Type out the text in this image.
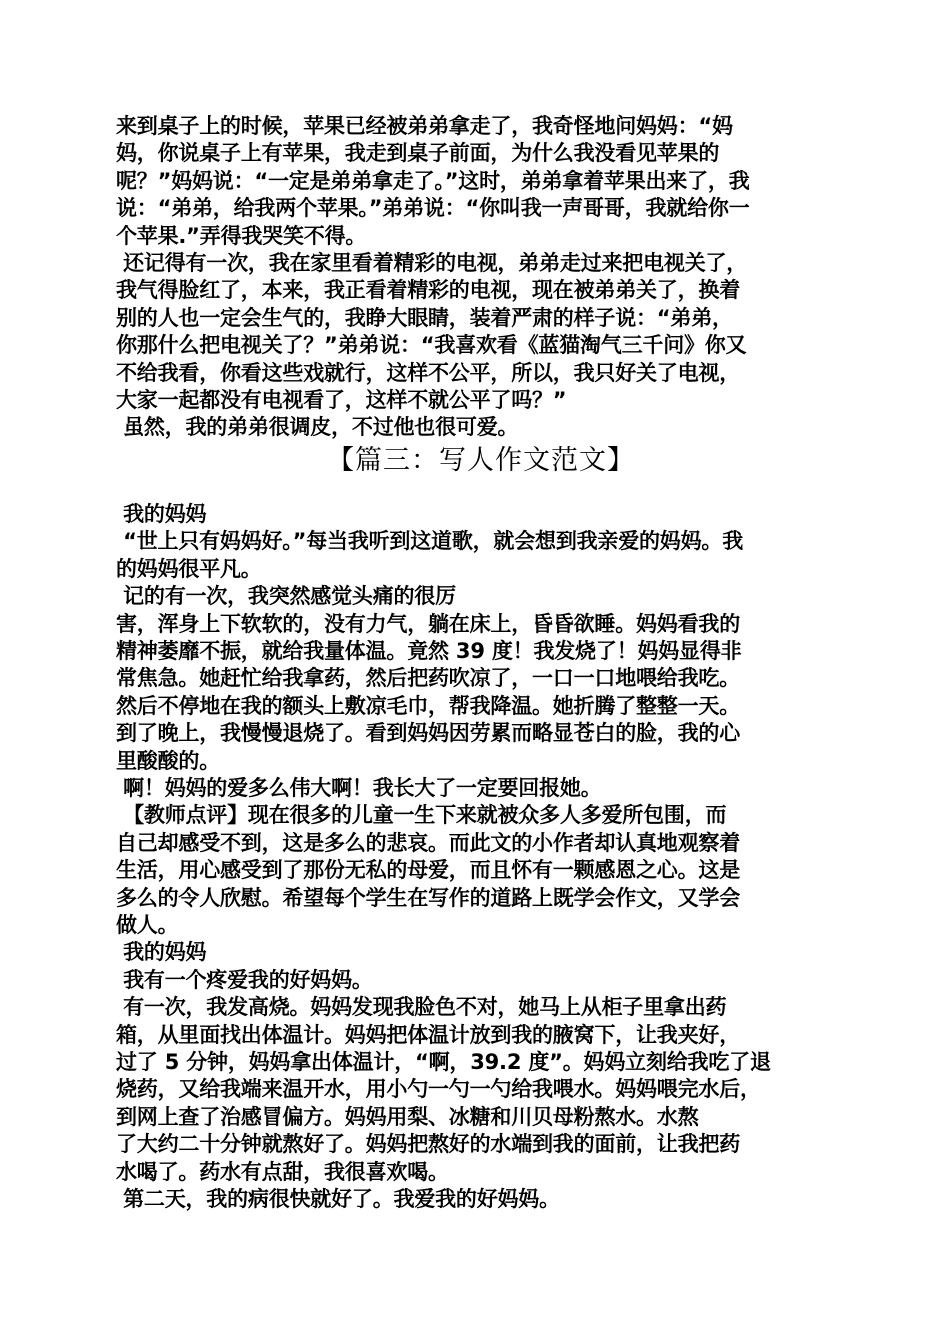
来到桌子上的时候，苹果已经被弟弟拿走了，我奇怪地问妈妈：“妈
妈，你说桌子上有苹果，我走到桌子前面，为什么我没看见苹果的
呢？”妈妈说：“一定是弟弟拿走了。”这时，弟弟拿着苹果出来了，我
说：“弟弟，给我两个苹果。”弟弟说：“你叫我一声哥哥，我就给你一
个苹果.”弄得我哭笑不得。
还记得有一次，我在家里看着精彩的电视，弟弟走过来把电视关了，
我气得脸红了，本来，我正看着精彩的电视，现在被弟弟关了，换着
别的人也一定会生气的，我睁大眼睛，装着严肃的样子说：“弟弟，
你那什么把电视关了？”弟弟说：“我喜欢看《蓝猫淘气三千问》你又
不给我看，你看这些戏就行，这样不公平，所以，我只好关了电视，
大家一起都没有电视看了，这样不就公平了吗？”
虽然，我的弟弟很调皮，不过他也很可爱。
【篇三：写人作文范文】
我的妈妈
“世上只有妈妈好。”每当我听到这道歌，就会想到我亲爱的妈妈。我
的妈妈很平凡。
记的有一次，我突然感觉头痛的很厉
害，浑身上下软软的，没有力气，躺在床上，昏昏欲睡。妈妈看我的
精神萎靡不振，就给我量体温。竟然 39 度！我发烧了！妈妈显得非
常焦急。她赶忙给我拿药，然后把药吹凉了，一口一口地喂给我吃。
然后不停地在我的额头上敷凉毛巾，帮我降温。她折腾了整整一天。
到了晚上，我慢慢退烧了。看到妈妈因劳累而略显苍白的脸，我的心
里酸酸的。
啊！妈妈的爱多么伟大啊！我长大了一定要回报她。
【教师点评】现在很多的儿童一生下来就被众多人多爱所包围，而
自己却感受不到，这是多么的悲哀。而此文的小作者却认真地观察着
生活，用心感受到了那份无私的母爱，而且怀有一颗感恩之心。这是
多么的令人欣慰。希望每个学生在写作的道路上既学会作文，又学会
做人。
我的妈妈
我有一个疼爱我的好妈妈。
有一次，我发高烧。妈妈发现我脸色不对，她马上从柜子里拿出药
箱，从里面找出体温计。妈妈把体温计放到我的腋窝下，让我夹好，
过了 5 分钟，妈妈拿出体温计，“啊，39.2 度”。妈妈立刻给我吃了退
烧药，又给我端来温开水，用小勺一勺一勺给我喂水。妈妈喂完水后，
到网上查了治感冒偏方。妈妈用梨、冰糖和川贝母粉熬水。水熬
了大约二十分钟就熬好了。妈妈把熬好的水端到我的面前，让我把药
水喝了。药水有点甜，我很喜欢喝。
第二天，我的病很快就好了。我爱我的好妈妈。
